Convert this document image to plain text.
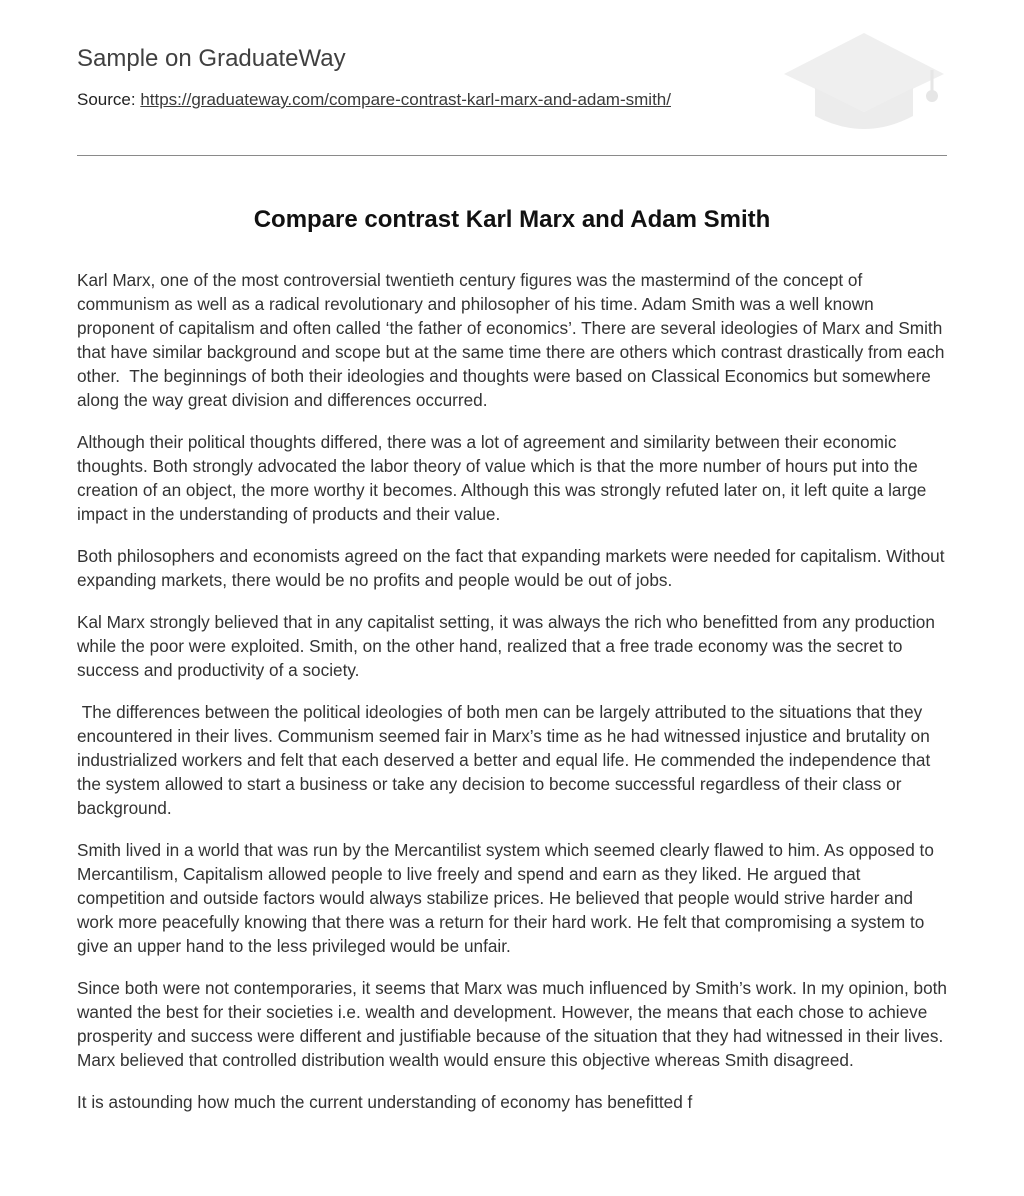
Sample on GraduateWay
Source: https://graduateway.com/compare-contrast-karl-marx-and-adam-smith/
Compare contrast Karl Marx and Adam Smith

Karl Marx, one of the most controversial twentieth century figures was the mastermind of the concept of communism as well as a radical revolutionary and philosopher of his time. Adam Smith was a well known proponent of capitalism and often called ‘the father of economics’. There are several ideologies of Marx and Smith that have similar background and scope but at the same time there are others which contrast drastically from each other.  The beginnings of both their ideologies and thoughts were based on Classical Economics but somewhere along the way great division and differences occurred.

Although their political thoughts differed, there was a lot of agreement and similarity between their economic thoughts. Both strongly advocated the labor theory of value which is that the more number of hours put into the creation of an object, the more worthy it becomes. Although this was strongly refuted later on, it left quite a large impact in the understanding of products and their value.

Both philosophers and economists agreed on the fact that expanding markets were needed for capitalism. Without expanding markets, there would be no profits and people would be out of jobs.

Kal Marx strongly believed that in any capitalist setting, it was always the rich who benefitted from any production while the poor were exploited. Smith, on the other hand, realized that a free trade economy was the secret to success and productivity of a society.

The differences between the political ideologies of both men can be largely attributed to the situations that they encountered in their lives. Communism seemed fair in Marx’s time as he had witnessed injustice and brutality on industrialized workers and felt that each deserved a better and equal life. He commended the independence that the system allowed to start a business or take any decision to become successful regardless of their class or background.

Smith lived in a world that was run by the Mercantilist system which seemed clearly flawed to him. As opposed to Mercantilism, Capitalism allowed people to live freely and spend and earn as they liked. He argued that competition and outside factors would always stabilize prices. He believed that people would strive harder and work more peacefully knowing that there was a return for their hard work. He felt that compromising a system to give an upper hand to the less privileged would be unfair.

Since both were not contemporaries, it seems that Marx was much influenced by Smith’s work. In my opinion, both wanted the best for their societies i.e. wealth and development. However, the means that each chose to achieve prosperity and success were different and justifiable because of the situation that they had witnessed in their lives. Marx believed that controlled distribution wealth would ensure this objective whereas Smith disagreed.

It is astounding how much the current understanding of economy has benefitted f
